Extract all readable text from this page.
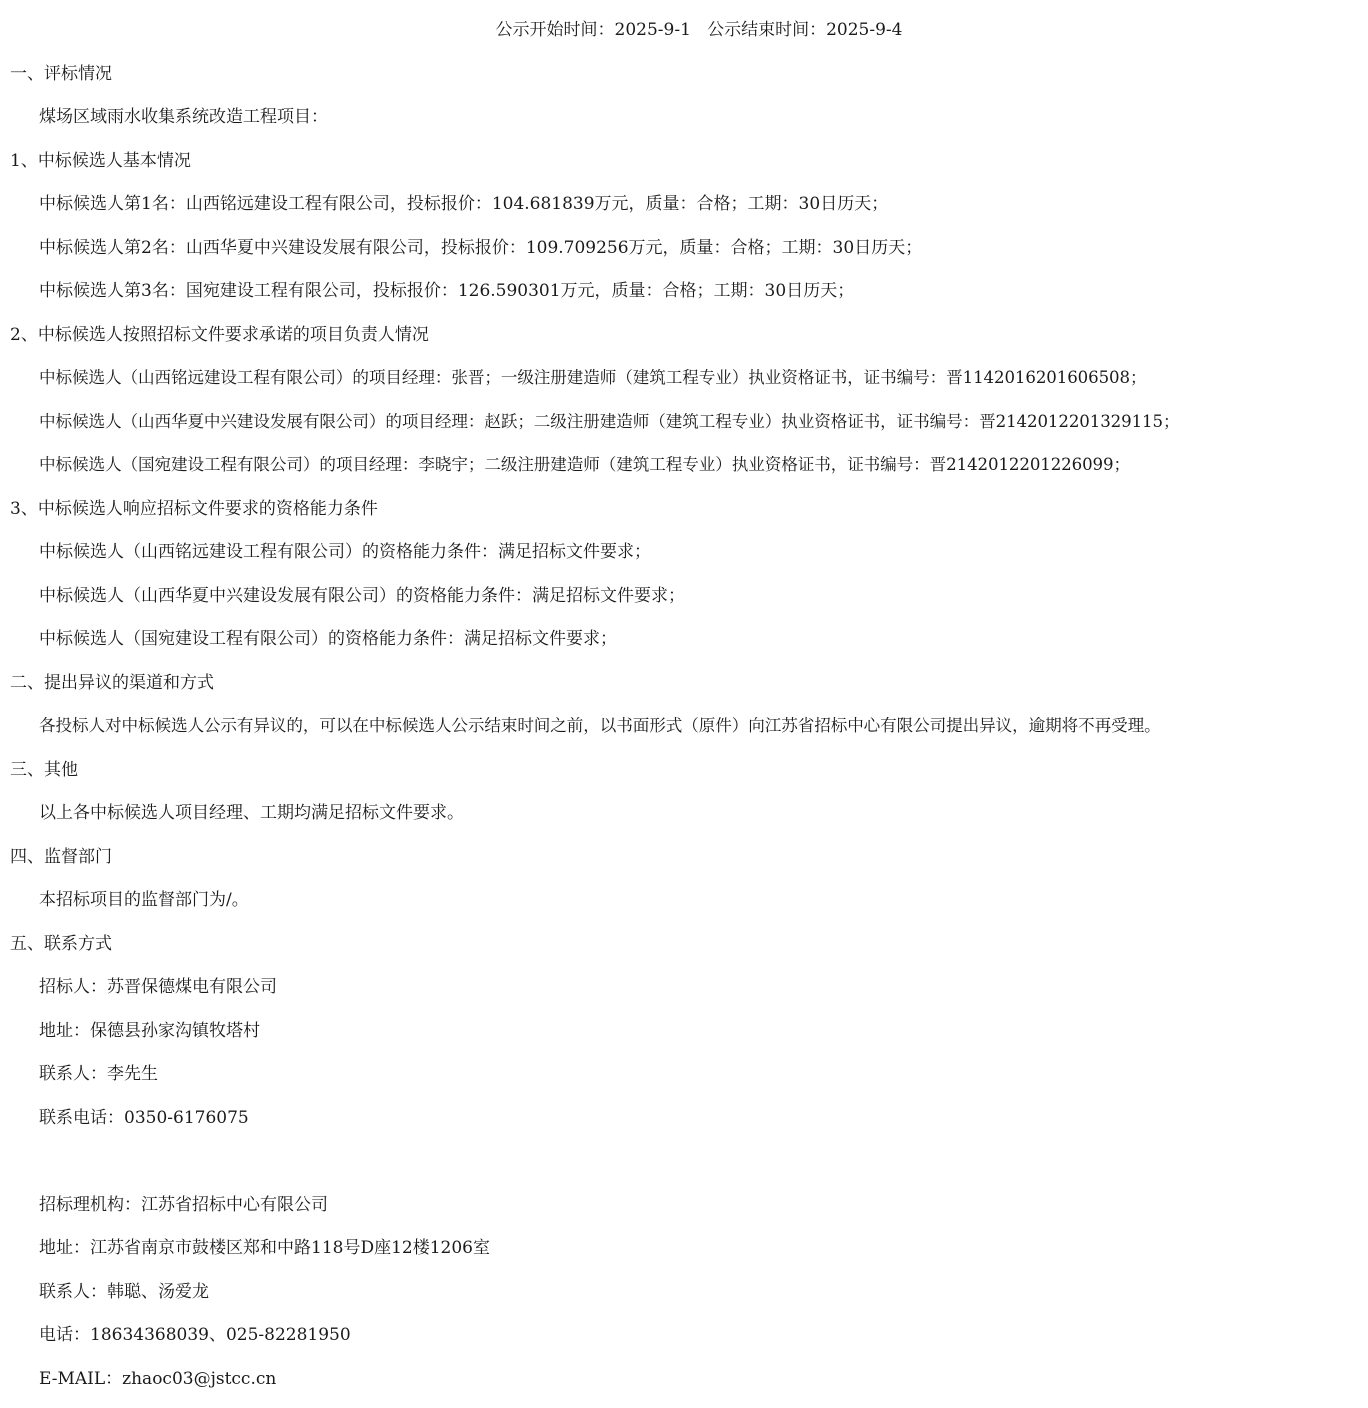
公示开始时间：2025-9-1 公示结束时间：2025-9-4
一、评标情况
煤场区域雨水收集系统改造工程项目：
1、中标候选人基本情况
中标候选人第1名：山西铭远建设工程有限公司，投标报价：104.681839万元，质量：合格；工期：30日历天；
中标候选人第2名：山西华夏中兴建设发展有限公司，投标报价：109.709256万元，质量：合格；工期：30日历天；
中标候选人第3名：国宛建设工程有限公司，投标报价：126.590301万元，质量：合格；工期：30日历天；
2、中标候选人按照招标文件要求承诺的项目负责人情况
中标候选人（山西铭远建设工程有限公司）的项目经理：张晋；一级注册建造师（建筑工程专业）执业资格证书，证书编号：晋1142016201606508；
中标候选人（山西华夏中兴建设发展有限公司）的项目经理：赵跃；二级注册建造师（建筑工程专业）执业资格证书，证书编号：晋2142012201329115；
中标候选人（国宛建设工程有限公司）的项目经理：李晓宇；二级注册建造师（建筑工程专业）执业资格证书，证书编号：晋2142012201226099；
3、中标候选人响应招标文件要求的资格能力条件
中标候选人（山西铭远建设工程有限公司）的资格能力条件：满足招标文件要求；
中标候选人（山西华夏中兴建设发展有限公司）的资格能力条件：满足招标文件要求；
中标候选人（国宛建设工程有限公司）的资格能力条件：满足招标文件要求；
二、提出异议的渠道和方式
各投标人对中标候选人公示有异议的，可以在中标候选人公示结束时间之前，以书面形式（原件）向江苏省招标中心有限公司提出异议，逾期将不再受理。
三、其他
以上各中标候选人项目经理、工期均满足招标文件要求。
四、监督部门
本招标项目的监督部门为/。
五、联系方式
招标人：苏晋保德煤电有限公司
地址：保德县孙家沟镇牧塔村
联系人：李先生
联系电话：0350-6176075
招标理机构：江苏省招标中心有限公司
地址：江苏省南京市鼓楼区郑和中路118号D座12楼1206室
联系人：韩聪、汤爱龙
电话：18634368039、025-82281950
E-MAIL：zhaoc03@jstcc.cn
